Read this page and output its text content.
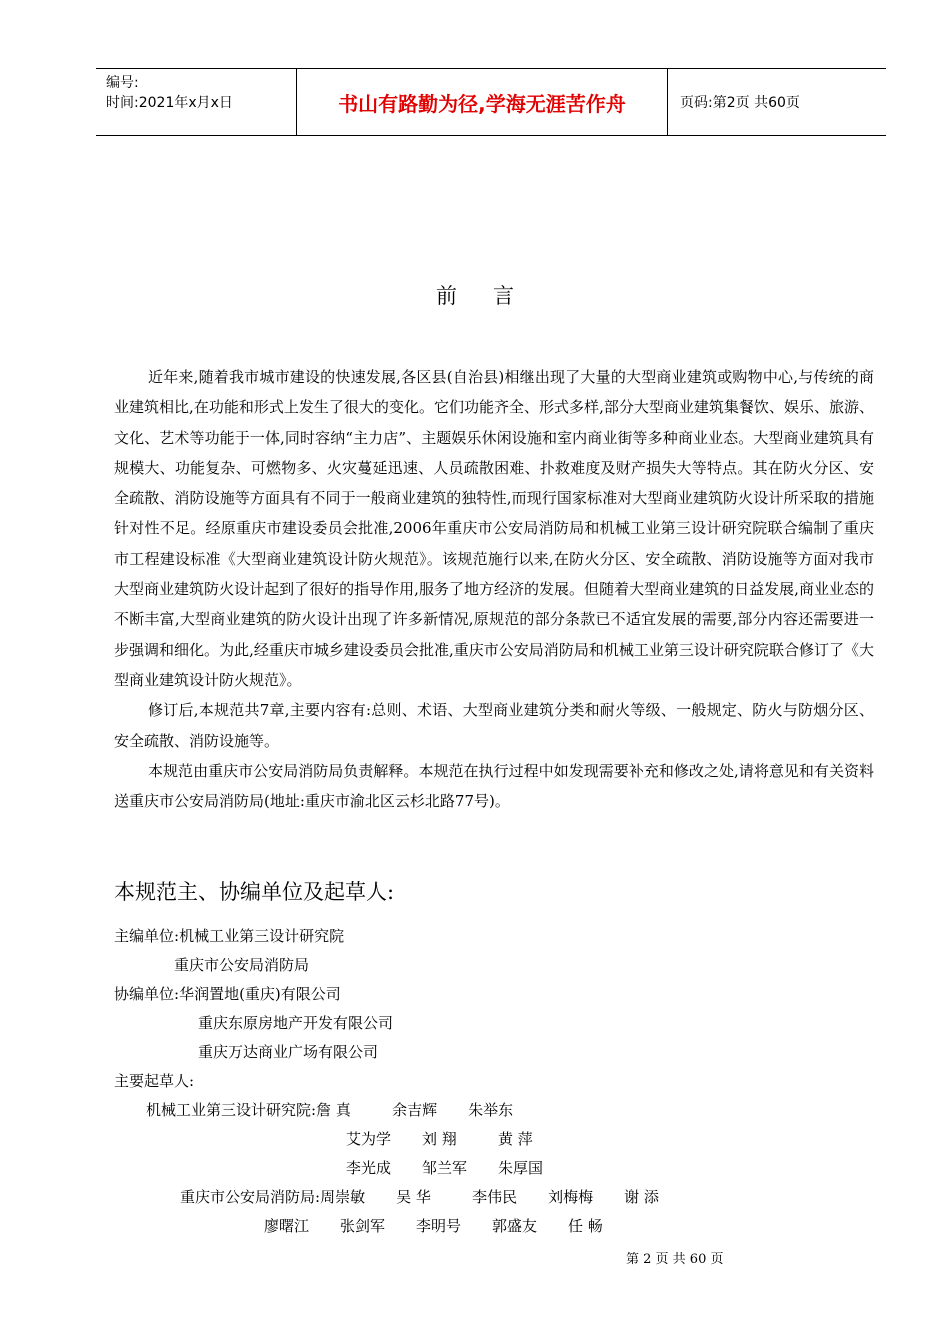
编号:
时间:2021年x月x日	书山有路勤为径,学海无涯苦作舟	页码:第2页 共60页
前言

近年来,随着我市城市建设的快速发展,各区县(自治县)相继出现了大量的大型商业建筑或购物中心,与传统的商业建筑相比,在功能和形式上发生了很大的变化。它们功能齐全、形式多样,部分大型商业建筑集餐饮、娱乐、旅游、文化、艺术等功能于一体,同时容纳“主力店”、主题娱乐休闲设施和室内商业街等多种商业业态。大型商业建筑具有规模大、功能复杂、可燃物多、火灾蔓延迅速、人员疏散困难、扑救难度及财产损失大等特点。其在防火分区、安全疏散、消防设施等方面具有不同于一般商业建筑的独特性,而现行国家标准对大型商业建筑防火设计所采取的措施针对性不足。经原重庆市建设委员会批准,2006年重庆市公安局消防局和机械工业第三设计研究院联合编制了重庆市工程建设标准《大型商业建筑设计防火规范》。该规范施行以来,在防火分区、安全疏散、消防设施等方面对我市大型商业建筑防火设计起到了很好的指导作用,服务了地方经济的发展。但随着大型商业建筑的日益发展,商业业态的不断丰富,大型商业建筑的防火设计出现了许多新情况,原规范的部分条款已不适宜发展的需要,部分内容还需要进一步强调和细化。为此,经重庆市城乡建设委员会批准,重庆市公安局消防局和机械工业第三设计研究院联合修订了《大型商业建筑设计防火规范》。

修订后,本规范共7章,主要内容有:总则、术语、大型商业建筑分类和耐火等级、一般规定、防火与防烟分区、安全疏散、消防设施等。

本规范由重庆市公安局消防局负责解释。本规范在执行过程中如发现需要补充和修改之处,请将意见和有关资料送重庆市公安局消防局(地址:重庆市渝北区云杉北路77号)。

本规范主、协编单位及起草人:
主编单位:机械工业第三设计研究院
重庆市公安局消防局
协编单位:华润置地(重庆)有限公司
重庆东原房地产开发有限公司
重庆万达商业广场有限公司
主要起草人:
机械工业第三设计研究院:詹 真	余吉辉 朱举东
艾为学 刘 翔	黄 萍
李光成 邹兰军 朱厚国
重庆市公安局消防局:周崇敏 吴 华	李伟民 刘梅梅 谢 添
廖曙江 张剑军 李明号 郭盛友 任 畅
第 2 页 共 60 页
